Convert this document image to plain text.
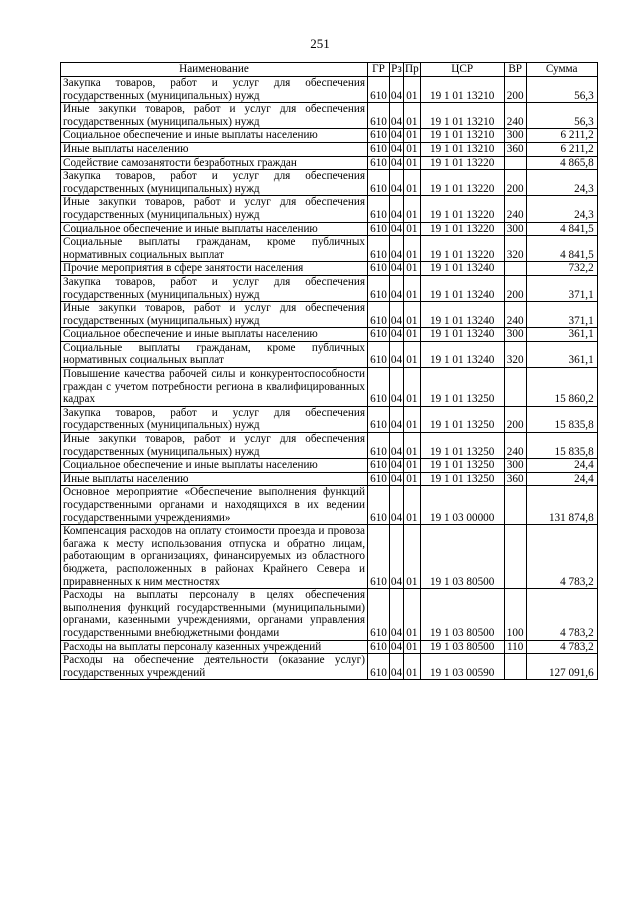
251
Наименование	ГР	Рз	Пр	ЦСР	ВР	Сумма
Закупка товаров, работ и услуг для обеспечения государственных (муниципальных) нужд	610	04	01	19 1 01 13210	200	56,3
Иные закупки товаров, работ и услуг для обеспечения государственных (муниципальных) нужд	610	04	01	19 1 01 13210	240	56,3
Социальное обеспечение и иные выплаты населению	610	04	01	19 1 01 13210	300	6 211,2
Иные выплаты населению	610	04	01	19 1 01 13210	360	6 211,2
Содействие самозанятости безработных граждан	610	04	01	19 1 01 13220		4 865,8
Закупка товаров, работ и услуг для обеспечения государственных (муниципальных) нужд	610	04	01	19 1 01 13220	200	24,3
Иные закупки товаров, работ и услуг для обеспечения государственных (муниципальных) нужд	610	04	01	19 1 01 13220	240	24,3
Социальное обеспечение и иные выплаты населению	610	04	01	19 1 01 13220	300	4 841,5
Социальные выплаты гражданам, кроме публичных нормативных социальных выплат	610	04	01	19 1 01 13220	320	4 841,5
Прочие мероприятия в сфере занятости населения	610	04	01	19 1 01 13240		732,2
Закупка товаров, работ и услуг для обеспечения государственных (муниципальных) нужд	610	04	01	19 1 01 13240	200	371,1
Иные закупки товаров, работ и услуг для обеспечения государственных (муниципальных) нужд	610	04	01	19 1 01 13240	240	371,1
Социальное обеспечение и иные выплаты населению	610	04	01	19 1 01 13240	300	361,1
Социальные выплаты гражданам, кроме публичных нормативных социальных выплат	610	04	01	19 1 01 13240	320	361,1
Повышение качества рабочей силы и конкурентоспособности граждан с учетом потребности региона в квалифицированных кадрах	610	04	01	19 1 01 13250		15 860,2
Закупка товаров, работ и услуг для обеспечения государственных (муниципальных) нужд	610	04	01	19 1 01 13250	200	15 835,8
Иные закупки товаров, работ и услуг для обеспечения государственных (муниципальных) нужд	610	04	01	19 1 01 13250	240	15 835,8
Социальное обеспечение и иные выплаты населению	610	04	01	19 1 01 13250	300	24,4
Иные выплаты населению	610	04	01	19 1 01 13250	360	24,4
Основное мероприятие «Обеспечение выполнения функций государственными органами и находящихся в их ведении государственными учреждениями»	610	04	01	19 1 03 00000		131 874,8
Компенсация расходов на оплату стоимости проезда и провоза багажа к месту использования отпуска и обратно лицам, работающим в организациях, финансируемых из областного бюджета, расположенных в районах Крайнего Севера и приравненных к ним местностях	610	04	01	19 1 03 80500		4 783,2
Расходы на выплаты персоналу в целях обеспечения выполнения функций государственными (муниципальными) органами, казенными учреждениями, органами управления государственными внебюджетными фондами	610	04	01	19 1 03 80500	100	4 783,2
Расходы на выплаты персоналу казенных учреждений	610	04	01	19 1 03 80500	110	4 783,2
Расходы на обеспечение деятельности (оказание услуг) государственных учреждений	610	04	01	19 1 03 00590		127 091,6
